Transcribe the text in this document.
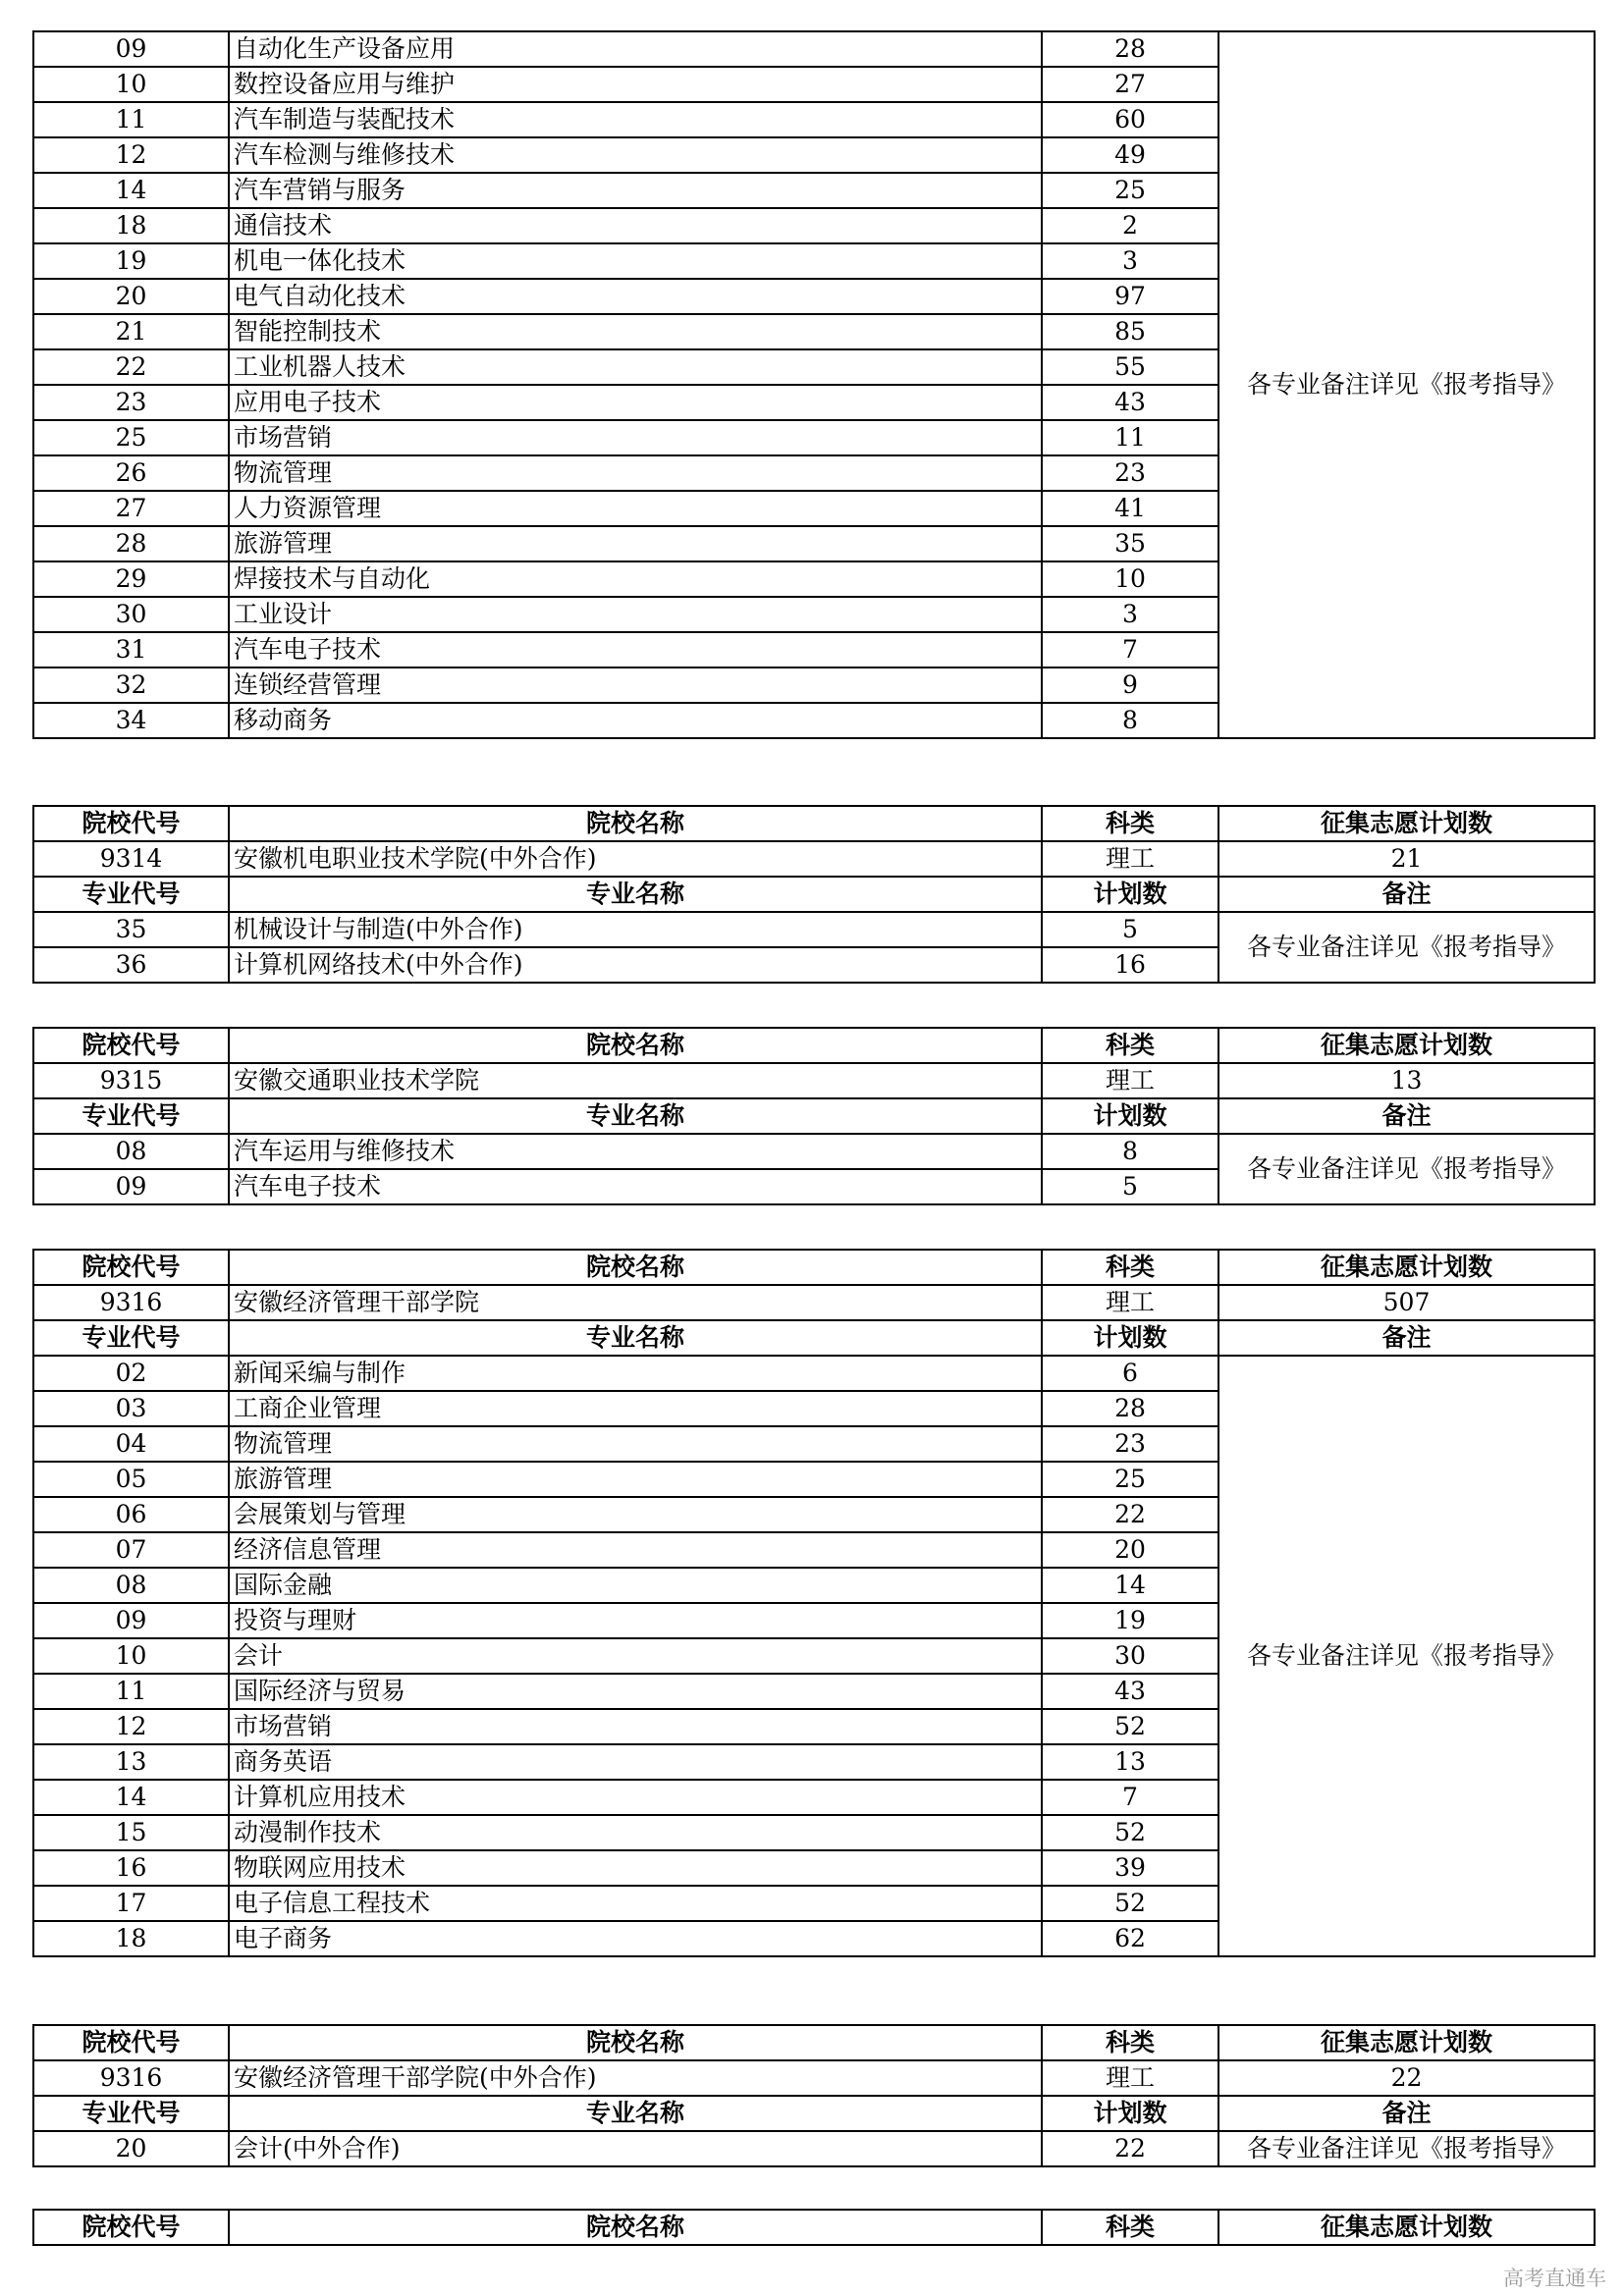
09	自动化生产设备应用	28	各专业备注详见《报考指导》
10	数控设备应用与维护	27	
11	汽车制造与装配技术	60	
12	汽车检测与维修技术	49	
14	汽车营销与服务	25	
18	通信技术	2	
19	机电一体化技术	3	
20	电气自动化技术	97	
21	智能控制技术	85	
22	工业机器人技术	55	
23	应用电子技术	43	
25	市场营销	11	
26	物流管理	23	
27	人力资源管理	41	
28	旅游管理	35	
29	焊接技术与自动化	10	
30	工业设计	3	
31	汽车电子技术	7	
32	连锁经营管理	9	
34	移动商务	8	
院校代号	院校名称	科类	征集志愿计划数
9314	安徽机电职业技术学院(中外合作)	理工	21
专业代号	专业名称	计划数	备注
35	机械设计与制造(中外合作)	5	各专业备注详见《报考指导》
36	计算机网络技术(中外合作)	16	
院校代号	院校名称	科类	征集志愿计划数
9315	安徽交通职业技术学院	理工	13
专业代号	专业名称	计划数	备注
08	汽车运用与维修技术	8	各专业备注详见《报考指导》
09	汽车电子技术	5	
院校代号	院校名称	科类	征集志愿计划数
9316	安徽经济管理干部学院	理工	507
专业代号	专业名称	计划数	备注
02	新闻采编与制作	6	各专业备注详见《报考指导》
03	工商企业管理	28	
04	物流管理	23	
05	旅游管理	25	
06	会展策划与管理	22	
07	经济信息管理	20	
08	国际金融	14	
09	投资与理财	19	
10	会计	30	
11	国际经济与贸易	43	
12	市场营销	52	
13	商务英语	13	
14	计算机应用技术	7	
15	动漫制作技术	52	
16	物联网应用技术	39	
17	电子信息工程技术	52	
18	电子商务	62	
院校代号	院校名称	科类	征集志愿计划数
9316	安徽经济管理干部学院(中外合作)	理工	22
专业代号	专业名称	计划数	备注
20	会计(中外合作)	22	各专业备注详见《报考指导》
院校代号	院校名称	科类	征集志愿计划数
高考直通车
